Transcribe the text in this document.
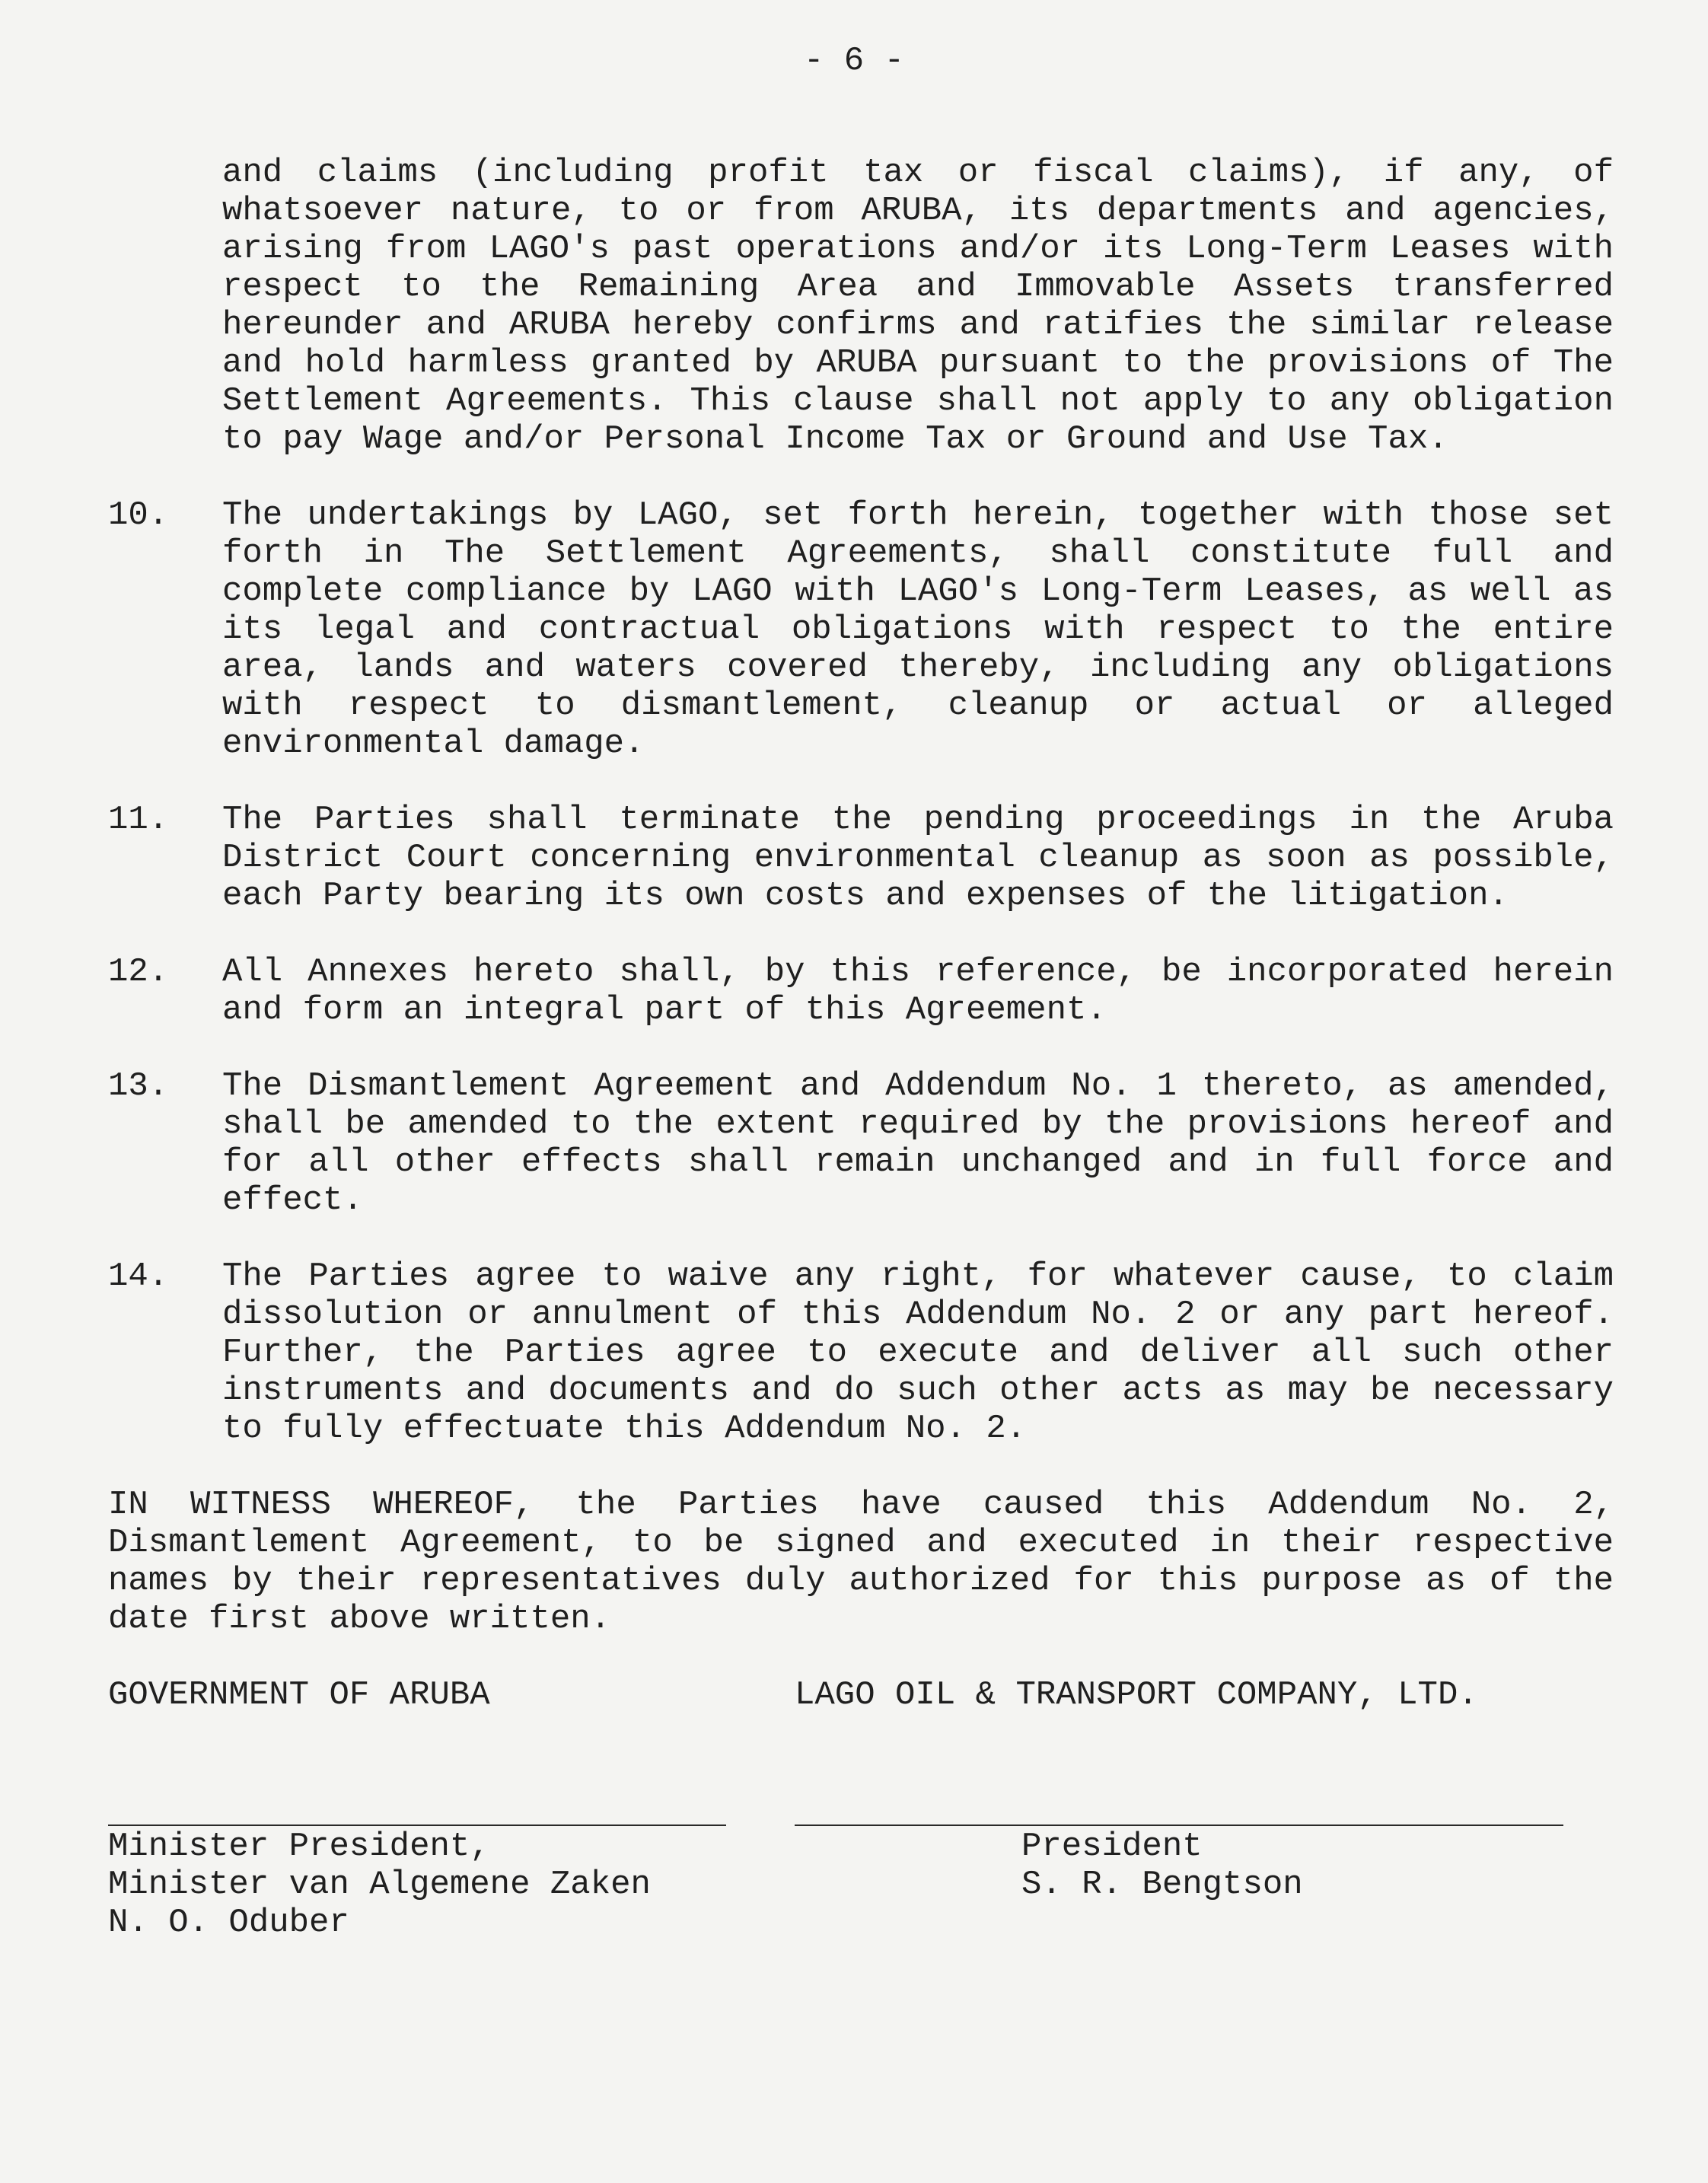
- 6 -
and claims (including profit tax or fiscal claims), if any, of whatsoever nature, to or from ARUBA, its departments and agencies, arising from LAGO's past operations and/or its Long-Term Leases with respect to the Remaining Area and Immovable Assets transferred hereunder and ARUBA hereby confirms and ratifies the similar release and hold harmless granted by ARUBA pursuant to the provisions of The Settlement Agreements. This clause shall not apply to any obligation to pay Wage and/or Personal Income Tax or Ground and Use Tax.
10.	The undertakings by LAGO, set forth herein, together with those set forth in The Settlement Agreements, shall constitute full and complete compliance by LAGO with LAGO's Long-Term Leases, as well as its legal and contractual obligations with respect to the entire area, lands and waters covered thereby, including any obligations with respect to dismantlement, cleanup or actual or alleged environmental damage.
11.	The Parties shall terminate the pending proceedings in the Aruba District Court concerning environmental cleanup as soon as possible, each Party bearing its own costs and expenses of the litigation.
12.	All Annexes hereto shall, by this reference, be incorporated herein and form an integral part of this Agreement.
13.	The Dismantlement Agreement and Addendum No. 1 thereto, as amended, shall be amended to the extent required by the provisions hereof and for all other effects shall remain unchanged and in full force and effect.
14.	The Parties agree to waive any right, for whatever cause, to claim dissolution or annulment of this Addendum No. 2 or any part hereof. Further, the Parties agree to execute and deliver all such other instruments and documents and do such other acts as may be necessary to fully effectuate this Addendum No. 2.
IN WITNESS WHEREOF, the Parties have caused this Addendum No. 2, Dismantlement Agreement, to be signed and executed in their respective names by their representatives duly authorized for this purpose as of the date first above written.
GOVERNMENT OF ARUBA	LAGO OIL & TRANSPORT COMPANY, LTD.
Minister President,
Minister van Algemene Zaken
N. O. Oduber
President
S. R. Bengtson
